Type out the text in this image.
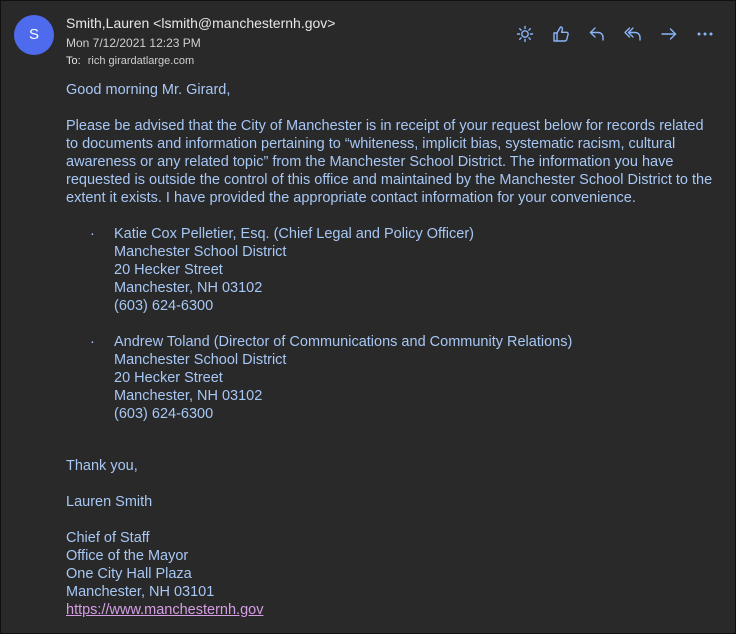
S
Smith,Lauren <lsmith@manchesternh.gov>
Mon 7/12/2021 12:23 PM
To: rich girardatlarge.com

Good morning Mr. Girard,

Please be advised that the City of Manchester is in receipt of your request below for records related to documents and information pertaining to “whiteness, implicit bias, systematic racism, cultural awareness or any related topic” from the Manchester School District. The information you have requested is outside the control of this office and maintained by the Manchester School District to the extent it exists. I have provided the appropriate contact information for your convenience.

· Katie Cox Pelletier, Esq. (Chief Legal and Policy Officer)

Manchester School District

20 Hecker Street

Manchester, NH 03102

(603) 624-6300

· Andrew Toland (Director of Communications and Community Relations)

Manchester School District

20 Hecker Street

Manchester, NH 03102

(603) 624-6300

Thank you,

Lauren Smith

Chief of Staff

Office of the Mayor

One City Hall Plaza

Manchester, NH 03101

https://www.manchesternh.gov
